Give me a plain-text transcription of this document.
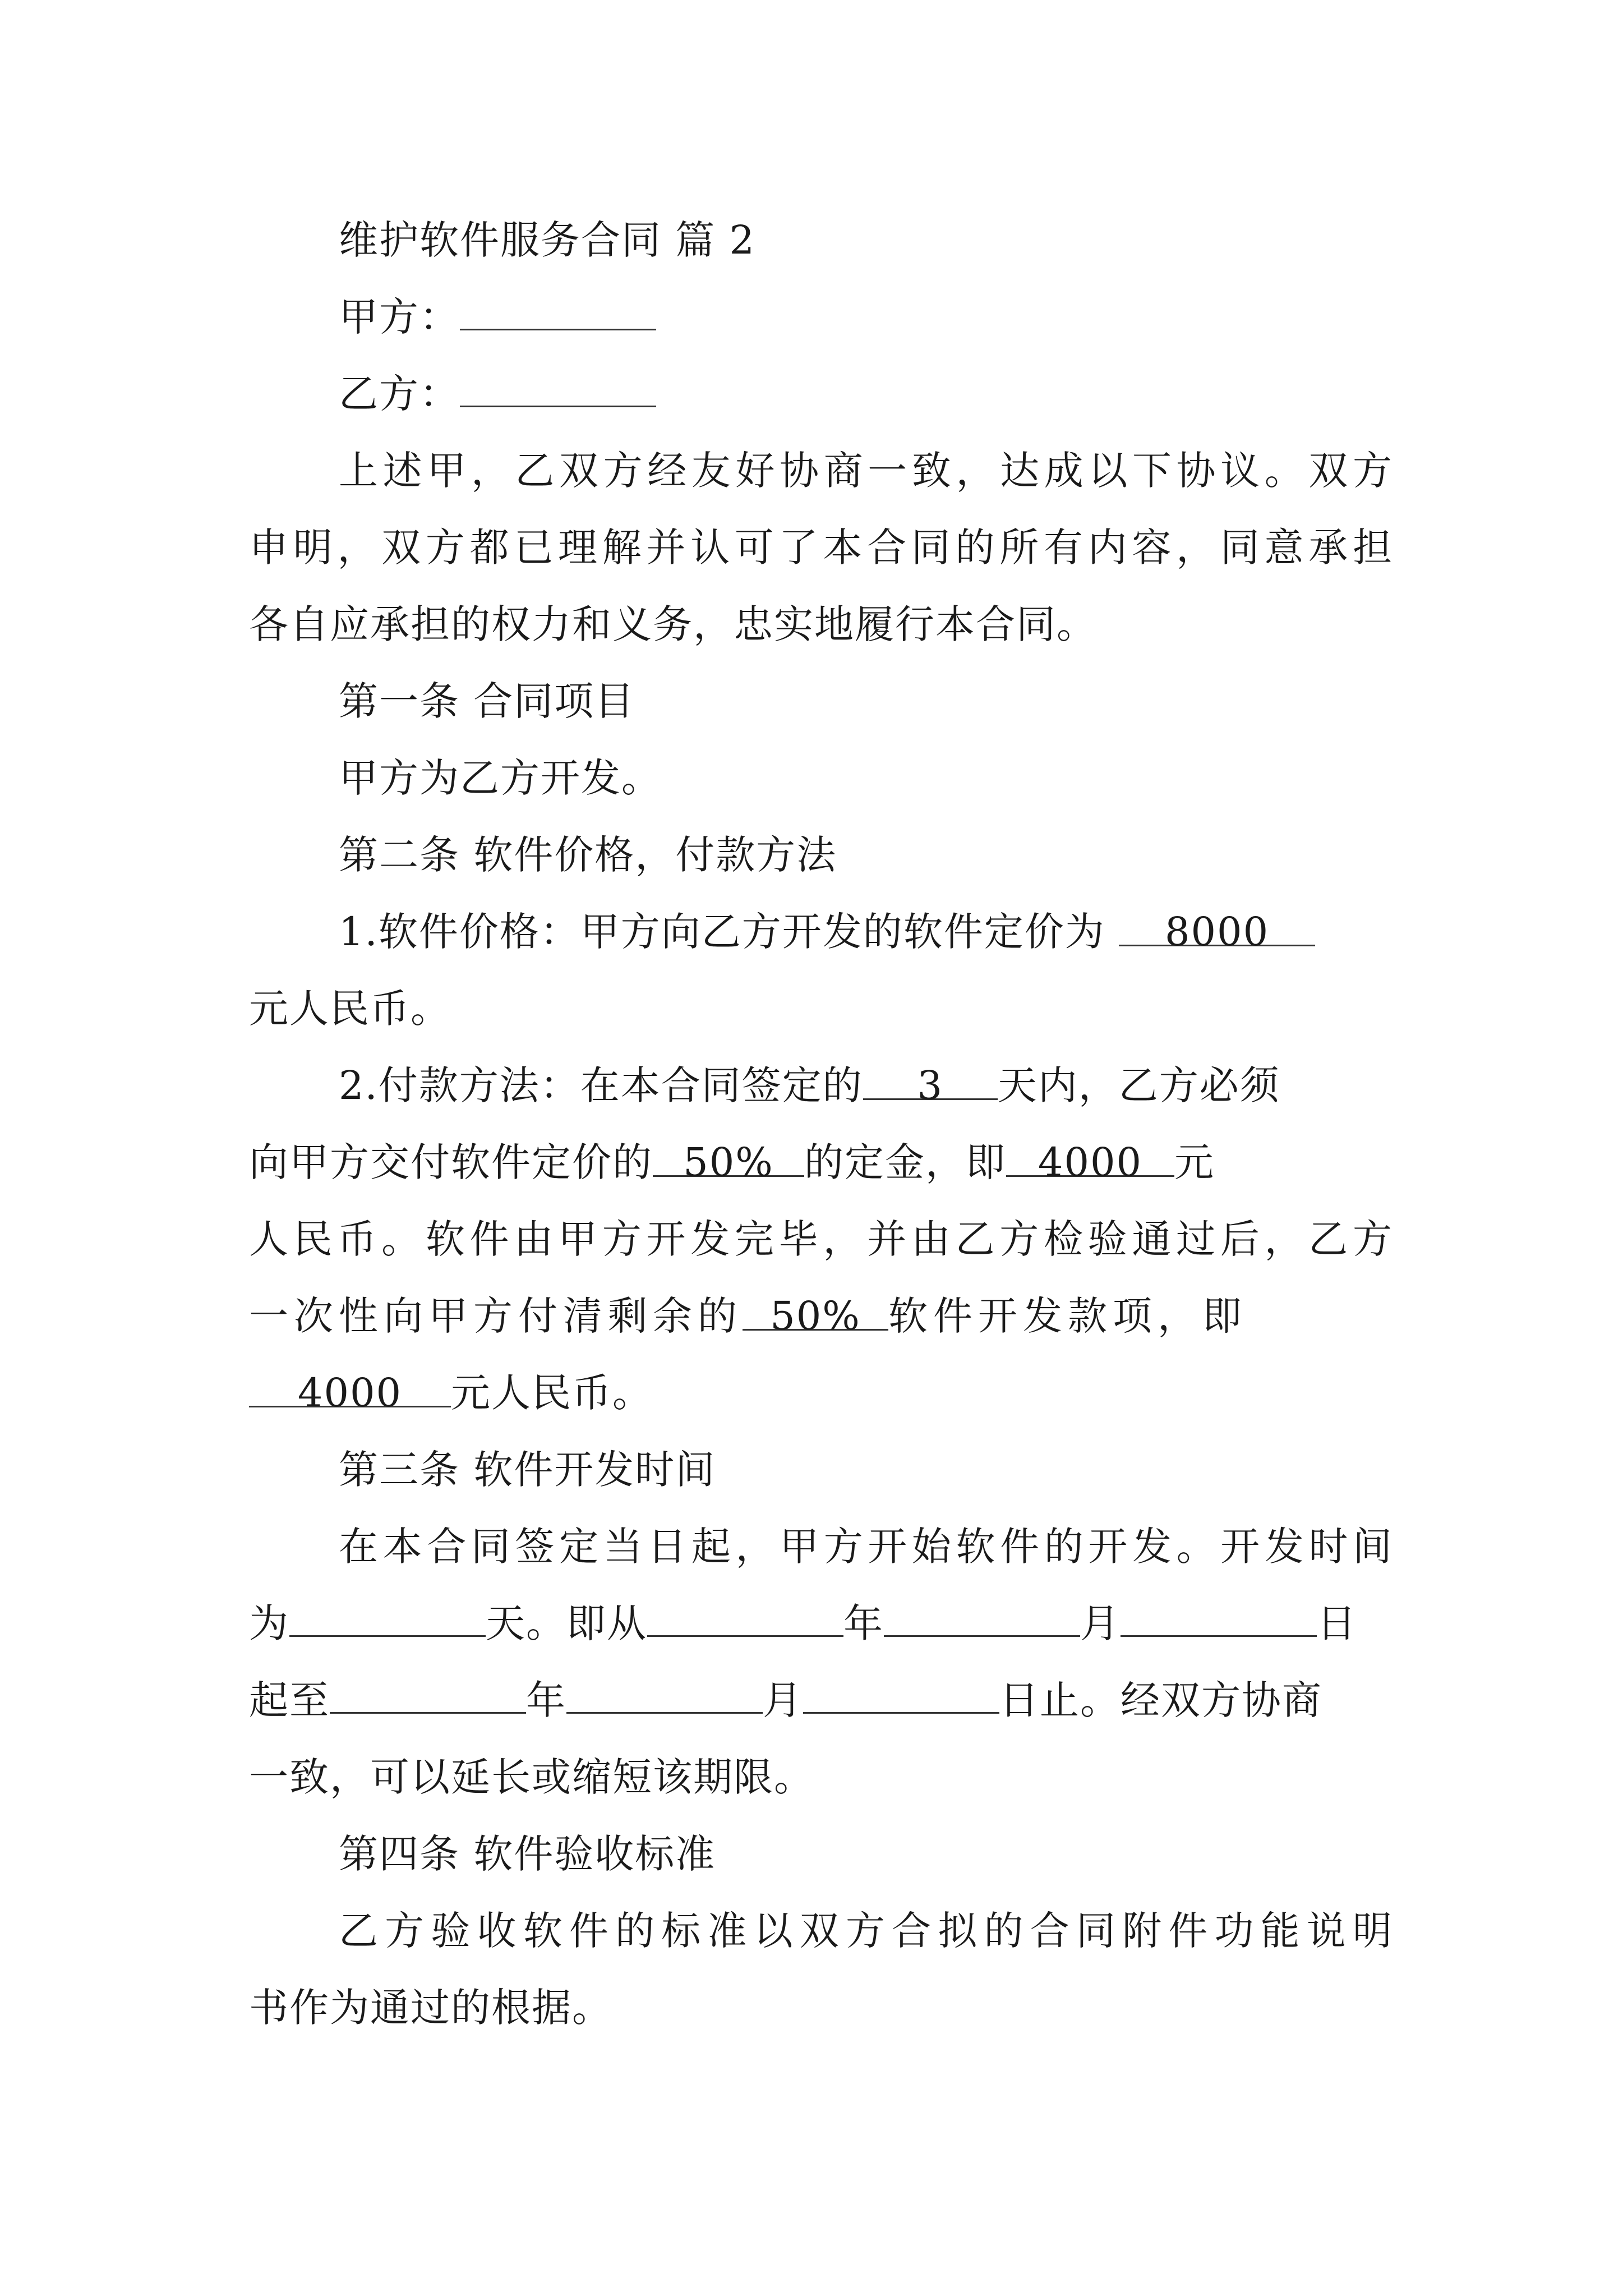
维护软件服务合同 篇 2
甲方：
乙方：
上述甲，乙双方经友好协商一致，达成以下协议。双方
申明，双方都已理解并认可了本合同的所有内容，同意承担
各自应承担的权力和义务，忠实地履行本合同。
第一条 合同项目
甲方为乙方开发。
第二条 软件价格，付款方法
1.软件价格：甲方向乙方开发的软件定价为 8000
元人民币。
2.付款方法：在本合同签定的 3 天内，乙方必须
向甲方交付软件定价的 50% 的定金，即 4000 元
人民币。软件由甲方开发完毕，并由乙方检验通过后，乙方
一次性向甲方付清剩余的 50% 软件开发款项，即
4000 元人民币。
第三条 软件开发时间
在本合同签定当日起，甲方开始软件的开发。开发时间
为	天。即从	年	月	日
起至	年	月	日止。经双方协商
一致，可以延长或缩短该期限。
第四条 软件验收标准
乙方验收软件的标准以双方合拟的合同附件功能说明
书作为通过的根据。
